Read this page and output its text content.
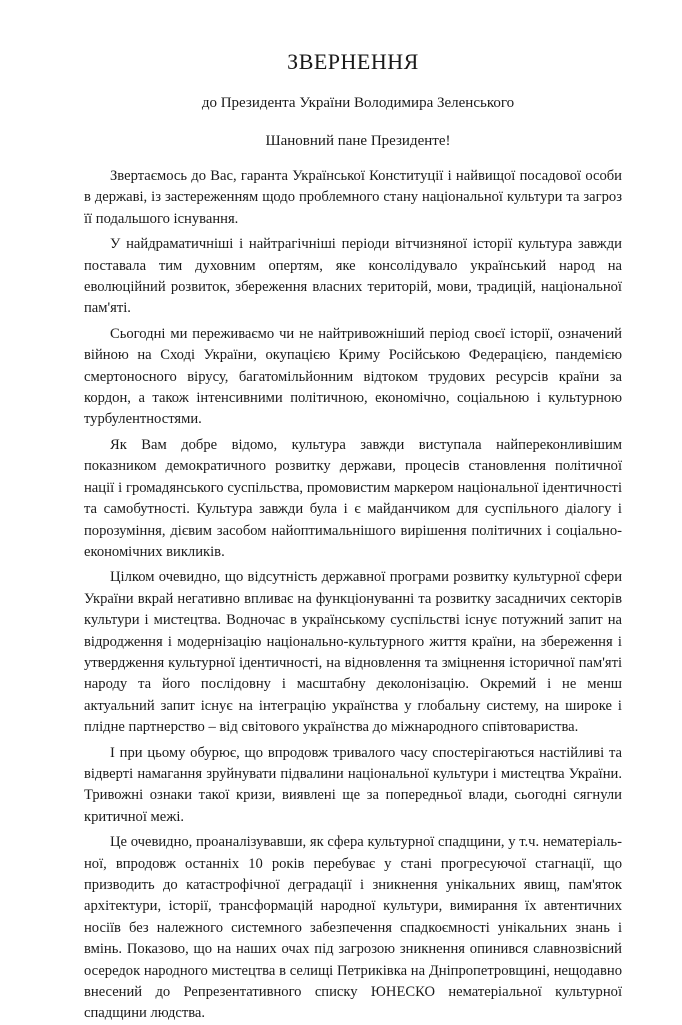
ЗВЕРНЕННЯ

до Президента України Володимира Зеленського

Шановний пане Президенте!

Звертаємось до Вас, гаранта Української Конституції і найвищої посадової особи в державі, із застереженням щодо проблемного стану національної культури та загроз її подальшого існування.

У найдраматичніші і найтрагічніші періоди вітчизняної історії культура завжди поставала тим духовним опертям, яке консолідувало український народ на еволюційний розвиток, збереження власних територій, мови, традицій, національної пам'яті.

Сьогодні ми переживаємо чи не найтривожніший період своєї історії, означений війною на Сході України, окупацією Криму Російською Федерацією, пандемією смертоносного вірусу, багатомільйонним відтоком трудових ресурсів країни за кордон, а також інтенсивними політичною, економічно, соціальною і культурною турбулентностями.

Як Вам добре відомо, культура завжди виступала найпереконливішим показником демократичного розвитку держави, процесів становлення політичної нації і громадянського суспільства, промовистим маркером національної ідентичності та самобутності. Культура завжди була і є майданчиком для суспільного діалогу і порозуміння, дієвим засобом найоптимальнішого вирішення політичних і соціально-економічних викликів.

Цілком очевидно, що відсутність державної програми розвитку культурної сфери України вкрай негативно впливає на функціонуванні та розвитку засадничих секторів культури і мистецтва. Водночас в українському суспільстві існує потужний запит на відродження і модернізацію національно-культурного життя країни, на збереження і утвердження культурної ідентичності, на відновлення та зміцнення історичної пам'яті народу та його послідовну і масштабну деколонізацію. Окремий і не менш актуальний запит існує на інтеграцію українства у глобальну систему, на широке і плідне партнерство – від світового українства до міжнародного співтовариства.

І при цьому обурює, що впродовж тривалого часу спостерігаються настійливі та відверті намагання зруйнувати підвалини національної культури і мистецтва України. Тривожні ознаки такої кризи, виявлені ще за попередньої влади, сьогодні сягнули критичної межі.

Це очевидно, проаналізувавши, як сфера культурної спадщини, у т.ч. нематеріальної, впродовж останніх 10 років перебуває у стані прогресуючої стагнації, що призводить до катастрофічної деградації і зникнення унікальних явищ, пам'яток архітектури, історії, трансформацій народної культури, вимирання їх автентичних носіїв без належного системного забезпечення спадкоємності унікальних знань і вмінь. Показово, що на наших очах під загрозою зникнення опинився славнозвісний осередок народного мистецтва в селищі Петриківка на Дніпропетровщині, нещодавно внесений до Репрезентативного списку ЮНЕСКО нематеріальної культурної спадщини людства.
